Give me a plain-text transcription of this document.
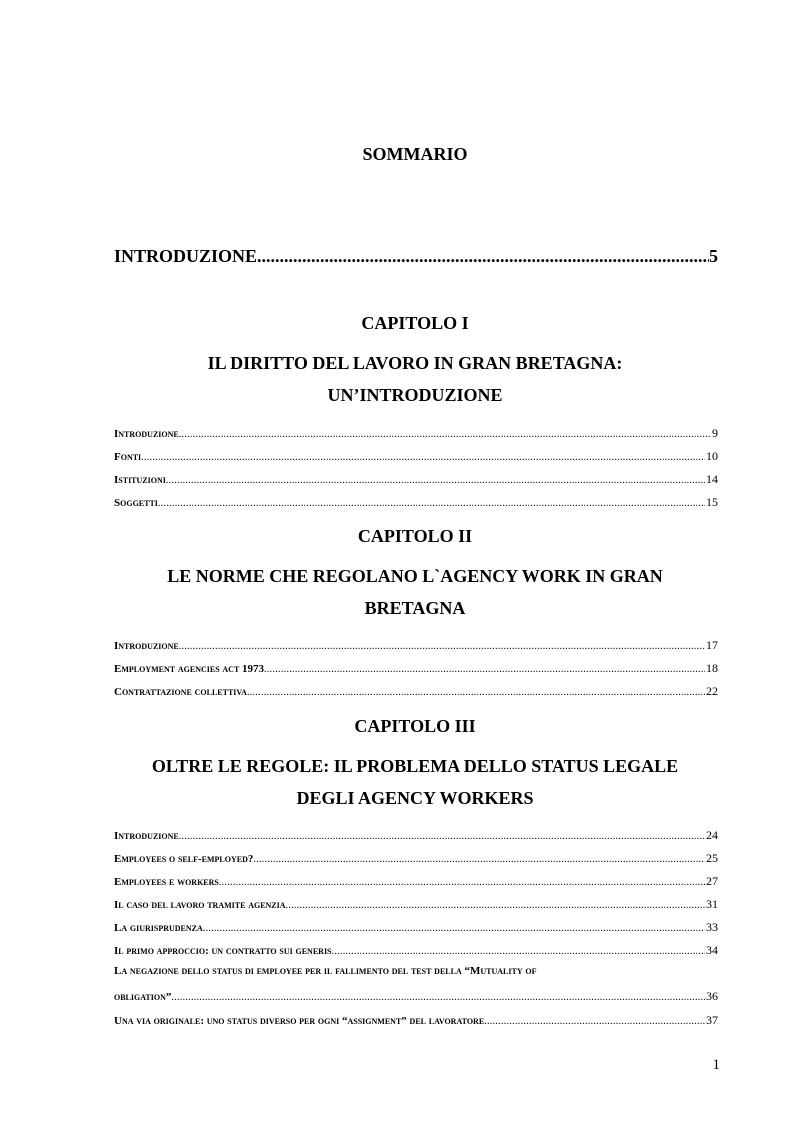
SOMMARIO
INTRODUZIONE .....	5
CAPITOLO I
IL DIRITTO DEL LAVORO IN GRAN BRETAGNA:
UN’INTRODUZIONE
Introduzione .....	9
Fonti .....	10
Istituzioni .....	14
Soggetti .....	15
CAPITOLO II
LE NORME CHE REGOLANO L`AGENCY WORK IN GRAN
BRETAGNA
Introduzione .....	17
Employment agencies act 1973 .....	18
Contrattazione collettiva .....	22
CAPITOLO III
OLTRE LE REGOLE: IL PROBLEMA DELLO STATUS LEGALE
DEGLI AGENCY WORKERS
Introduzione .....	24
Employees o self-employed? .....	25
Employees e workers .....	27
Il caso del lavoro tramite agenzia .....	31
La giurisprudenza .....	33
Il primo approccio: un contratto sui generis .....	34
La negazione dello status di employee per il fallimento del test della “Mutuality of
obligation” .....	36
Una via originale: uno status diverso per ogni “assignment” del lavoratore .....	37
1
